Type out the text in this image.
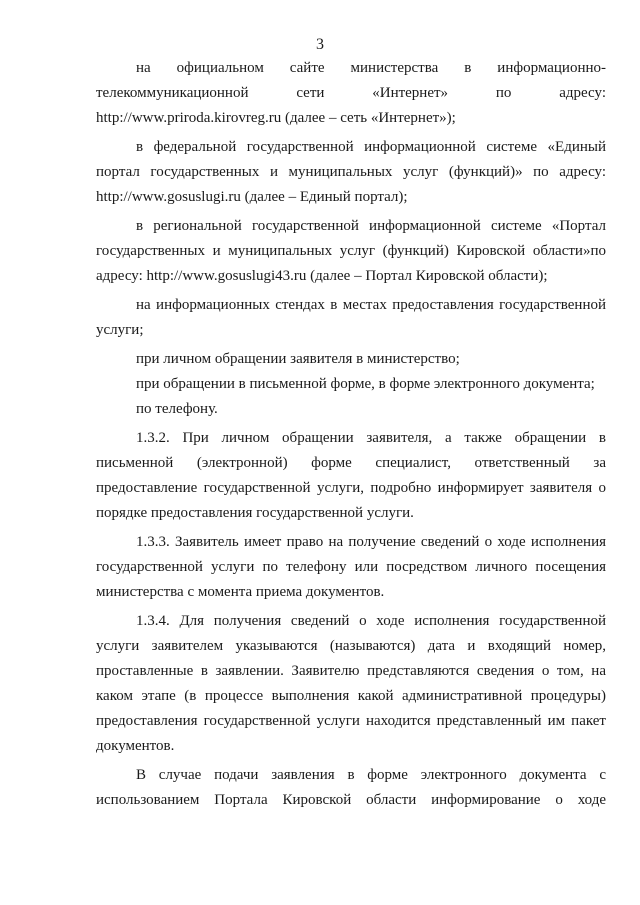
3
на официальном сайте министерства в информационно-
телекоммуникационной сети «Интернет» по адресу:
http://www.priroda.kirovreg.ru (далее – сеть «Интернет»);
в федеральной государственной информационной системе «Единый
портал государственных и муниципальных услуг (функций)» по адресу:
http://www.gosuslugi.ru (далее – Единый портал);
в региональной государственной информационной системе «Портал
государственных и муниципальных услуг (функций) Кировской области»по
адресу: http://www.gosuslugi43.ru (далее – Портал Кировской области);
на информационных стендах в местах предоставления государственной
услуги;
при личном обращении заявителя в министерство;
при обращении в письменной форме, в форме электронного документа;
по телефону.
1.3.2. При личном обращении заявителя, а также обращении в
письменной (электронной) форме специалист, ответственный за
предоставление государственной услуги, подробно информирует заявителя о
порядке предоставления государственной услуги.
1.3.3. Заявитель имеет право на получение сведений о ходе исполнения
государственной услуги по телефону или посредством личного посещения
министерства с момента приема документов.
1.3.4. Для получения сведений о ходе исполнения государственной
услуги заявителем указываются (называются) дата и входящий номер,
проставленные в заявлении. Заявителю представляются сведения о том, на
каком этапе (в процессе выполнения какой административной процедуры)
предоставления государственной услуги находится представленный им пакет
документов.
В случае подачи заявления в форме электронного документа с
использованием Портала Кировской области информирование о ходе
